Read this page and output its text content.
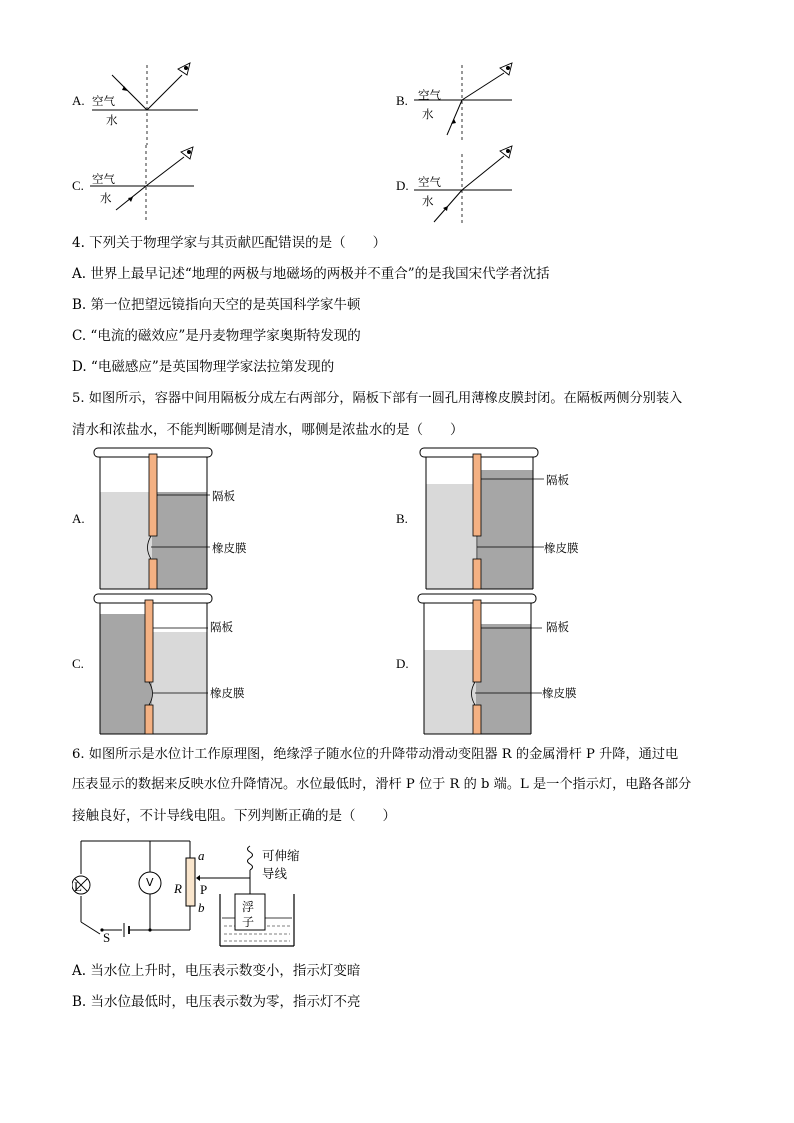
A. 空气
水
B. 空气
水
C. 空气
水
D. 空气
水
4. 下列关于物理学家与其贡献匹配错误的是（　　）
A. 世界上最早记述“地理的两极与地磁场的两极并不重合”的是我国宋代学者沈括
B. 第一位把望远镜指向天空的是英国科学家牛顿
C. “电流的磁效应”是丹麦物理学家奥斯特发现的
D. “电磁感应”是英国物理学家法拉第发现的
5. 如图所示，容器中间用隔板分成左右两部分，隔板下部有一圆孔用薄橡皮膜封闭。在隔板两侧分别装入
清水和浓盐水，不能判断哪侧是清水，哪侧是浓盐水的是（　　）
A.
隔板
橡皮膜
B.
隔板
橡皮膜
C.
隔板
橡皮膜
D.
隔板
橡皮膜
6. 如图所示是水位计工作原理图，绝缘浮子随水位的升降带动滑动变阻器 R 的金属滑杆 P 升降，通过电
压表显示的数据来反映水位升降情况。水位最低时，滑杆 P 位于 R 的 b 端。L 是一个指示灯，电路各部分
接触良好，不计导线电阻。下列判断正确的是（　　）
L	V R P
a
b
S
可伸缩
导线
浮
子
A. 当水位上升时，电压表示数变小，指示灯变暗
B. 当水位最低时，电压表示数为零，指示灯不亮
